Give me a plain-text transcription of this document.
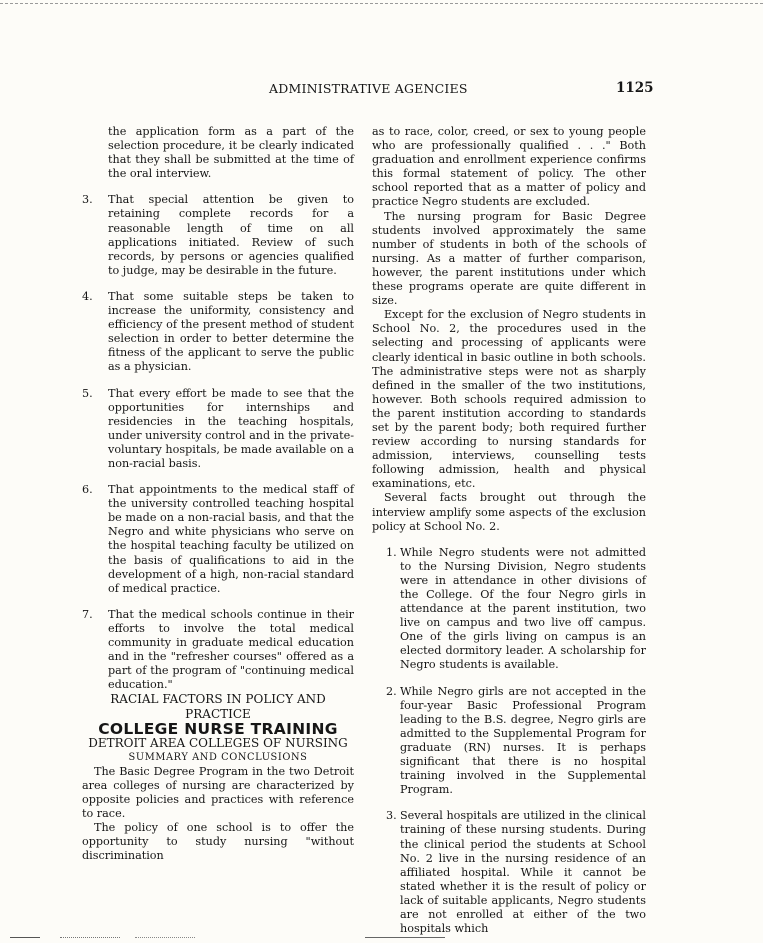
ADMINISTRATIVE AGENCIES	1125

the application form as a part of the selection procedure, it be clearly indicated that they shall be submitted at the time of the oral interview.

3.	That special attention be given to retaining complete records for a reasonable length of time on all applications initiated. Review of such records, by persons or agencies qualified to judge, may be desirable in the future.

4.	That some suitable steps be taken to increase the uniformity, consistency and efficiency of the present method of student selection in order to better determine the fitness of the applicant to serve the public as a physician.

5.	That every effort be made to see that the opportunities for internships and residencies in the teaching hospitals, under university control and in the private-voluntary hospitals, be made available on a non-racial basis.

6.	That appointments to the medical staff of the university controlled teaching hospital be made on a non-racial basis, and that the Negro and white physicians who serve on the hospital teaching faculty be utilized on the basis of qualifications to aid in the development of a high, non-racial standard of medical practice.

7.	That the medical schools continue in their efforts to involve the total medical community in graduate medical education and in the "refresher courses" offered as a part of the program of "continuing medical education."

RACIAL FACTORS IN POLICY AND PRACTICE

COLLEGE NURSE TRAINING

DETROIT AREA COLLEGES OF NURSING

SUMMARY AND CONCLUSIONS

The Basic Degree Program in the two Detroit area colleges of nursing are characterized by opposite policies and practices with reference to race.

The policy of one school is to offer the opportunity to study nursing "without discrimination

as to race, color, creed, or sex to young people who are professionally qualified . . ." Both graduation and enrollment experience confirms this formal statement of policy. The other school reported that as a matter of policy and practice Negro students are excluded.

The nursing program for Basic Degree students involved approximately the same number of students in both of the schools of nursing. As a matter of further comparison, however, the parent institutions under which these programs operate are quite different in size.

Except for the exclusion of Negro students in School No. 2, the procedures used in the selecting and processing of applicants were clearly identical in basic outline in both schools. The administrative steps were not as sharply defined in the smaller of the two institutions, however. Both schools required admission to the parent institution according to standards set by the parent body; both required further review according to nursing standards for admission, interviews, counselling tests following admission, health and physical examinations, etc.

Several facts brought out through the interview amplify some aspects of the exclusion policy at School No. 2.

1. While Negro students were not admitted to the Nursing Division, Negro students were in attendance in other divisions of the College. Of the four Negro girls in attendance at the parent institution, two live on campus and two live off campus. One of the girls living on campus is an elected dormitory leader. A scholarship for Negro students is available.

2. While Negro girls are not accepted in the four-year Basic Professional Program leading to the B.S. degree, Negro girls are admitted to the Supplemental Program for graduate (RN) nurses. It is perhaps significant that there is no hospital training involved in the Supplemental Program.

3. Several hospitals are utilized in the clinical training of these nursing students. During the clinical period the students at School No. 2 live in the nursing residence of an affiliated hospital. While it cannot be stated whether it is the result of policy or lack of suitable applicants, Negro students are not enrolled at either of the two hospitals which
